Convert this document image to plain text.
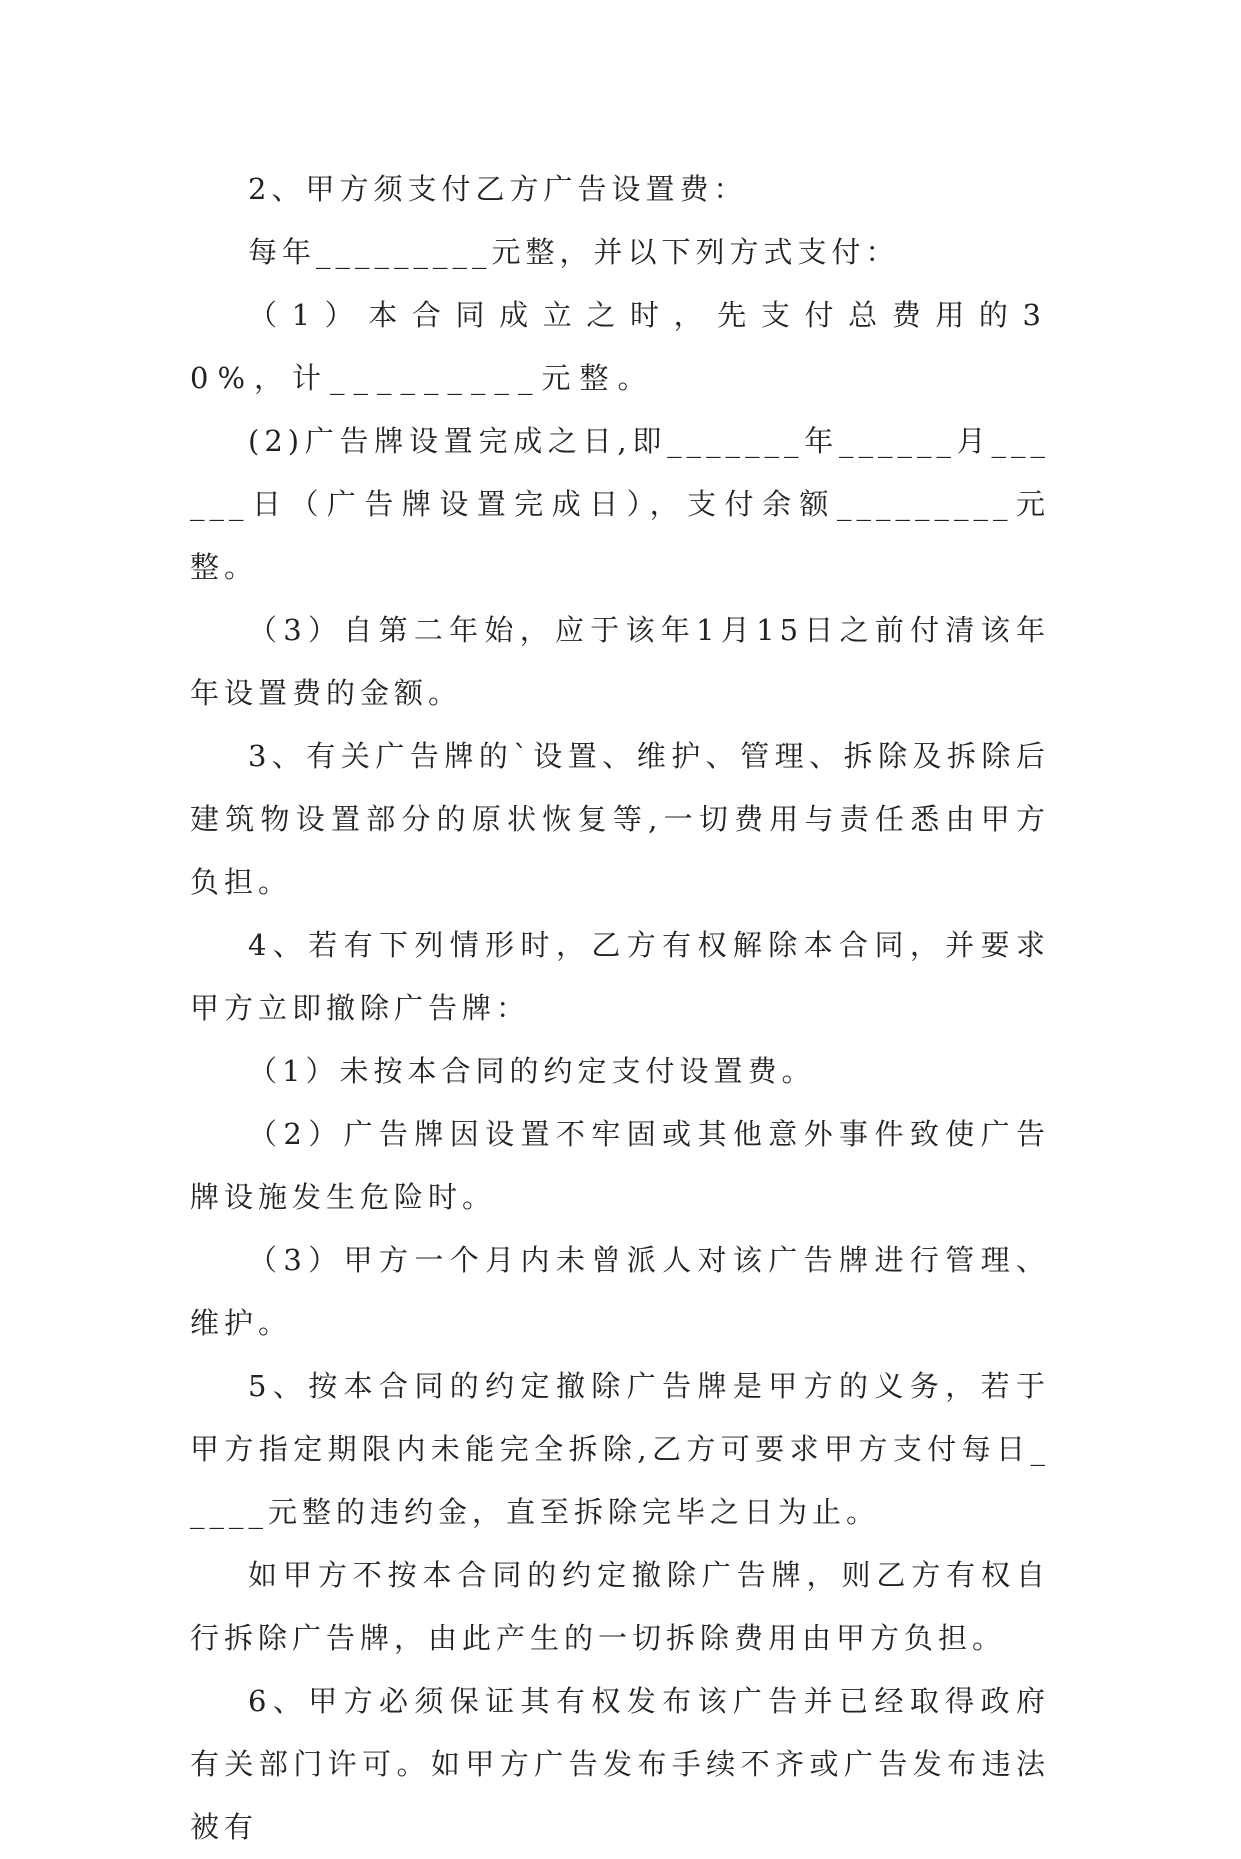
2、甲方须支付乙方广告设置费：

每年_________元整，并以下列方式支付：

（1）本合同成立之时，先支付总费用的30%，计_________元整。

(2)广告牌设置完成之日,即_______年______月______日（广告牌设置完成日），支付余额_________元整。

（3）自第二年始，应于该年1月15日之前付清该年年设置费的金额。

3、有关广告牌的`设置、维护、管理、拆除及拆除后建筑物设置部分的原状恢复等,一切费用与责任悉由甲方负担。

4、若有下列情形时，乙方有权解除本合同，并要求甲方立即撤除广告牌：

（1）未按本合同的约定支付设置费。

（2）广告牌因设置不牢固或其他意外事件致使广告牌设施发生危险时。

（3）甲方一个月内未曾派人对该广告牌进行管理、维护。

5、按本合同的约定撤除广告牌是甲方的义务，若于甲方指定期限内未能完全拆除,乙方可要求甲方支付每日_____元整的违约金，直至拆除完毕之日为止。

如甲方不按本合同的约定撤除广告牌，则乙方有权自行拆除广告牌，由此产生的一切拆除费用由甲方负担。

6、甲方必须保证其有权发布该广告并已经取得政府有关部门许可。如甲方广告发布手续不齐或广告发布违法被有
